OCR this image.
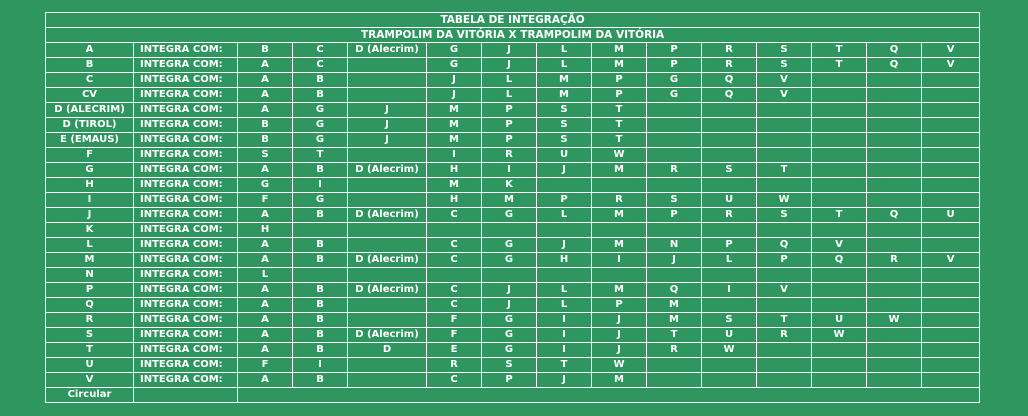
TABELA DE INTEGRAÇÃO														
TRAMPOLIM DA VITÓRIA X TRAMPOLIM DA VITÓRIA														
A	INTEGRA COM:	B	C	D (Alecrim)	G	J	L	M	P	R	S	T	Q	V
B	INTEGRA COM:	A	C		G	J	L	M	P	R	S	T	Q	V
C	INTEGRA COM:	A	B		J	L	M	P	G	Q	V			
CV	INTEGRA COM:	A	B		J	L	M	P	G	Q	V			
D (ALECRIM)	INTEGRA COM:	A	G	J	M	P	S	T						
D (TIROL)	INTEGRA COM:	B	G	J	M	P	S	T						
E (EMAUS)	INTEGRA COM:	B	G	J	M	P	S	T						
F	INTEGRA COM:	S	T		I	R	U	W						
G	INTEGRA COM:	A	B	D (Alecrim)	H	I	J	M	R	S	T			
H	INTEGRA COM:	G	I		M	K								
I	INTEGRA COM:	F	G		H	M	P	R	S	U	W			
J	INTEGRA COM:	A	B	D (Alecrim)	C	G	L	M	P	R	S	T	Q	U
K	INTEGRA COM:	H												
L	INTEGRA COM:	A	B		C	G	J	M	N	P	Q	V		
M	INTEGRA COM:	A	B	D (Alecrim)	C	G	H	I	J	L	P	Q	R	V
N	INTEGRA COM:	L												
P	INTEGRA COM:	A	B	D (Alecrim)	C	J	L	M	Q	I	V			
Q	INTEGRA COM:	A	B		C	J	L	P	M					
R	INTEGRA COM:	A	B		F	G	I	J	M	S	T	U	W	
S	INTEGRA COM:	A	B	D (Alecrim)	F	G	I	J	T	U	R	W		
T	INTEGRA COM:	A	B	D	E	G	I	J	R	W				
U	INTEGRA COM:	F	I		R	S	T	W						
V	INTEGRA COM:	A	B		C	P	J	M						
Circular														
